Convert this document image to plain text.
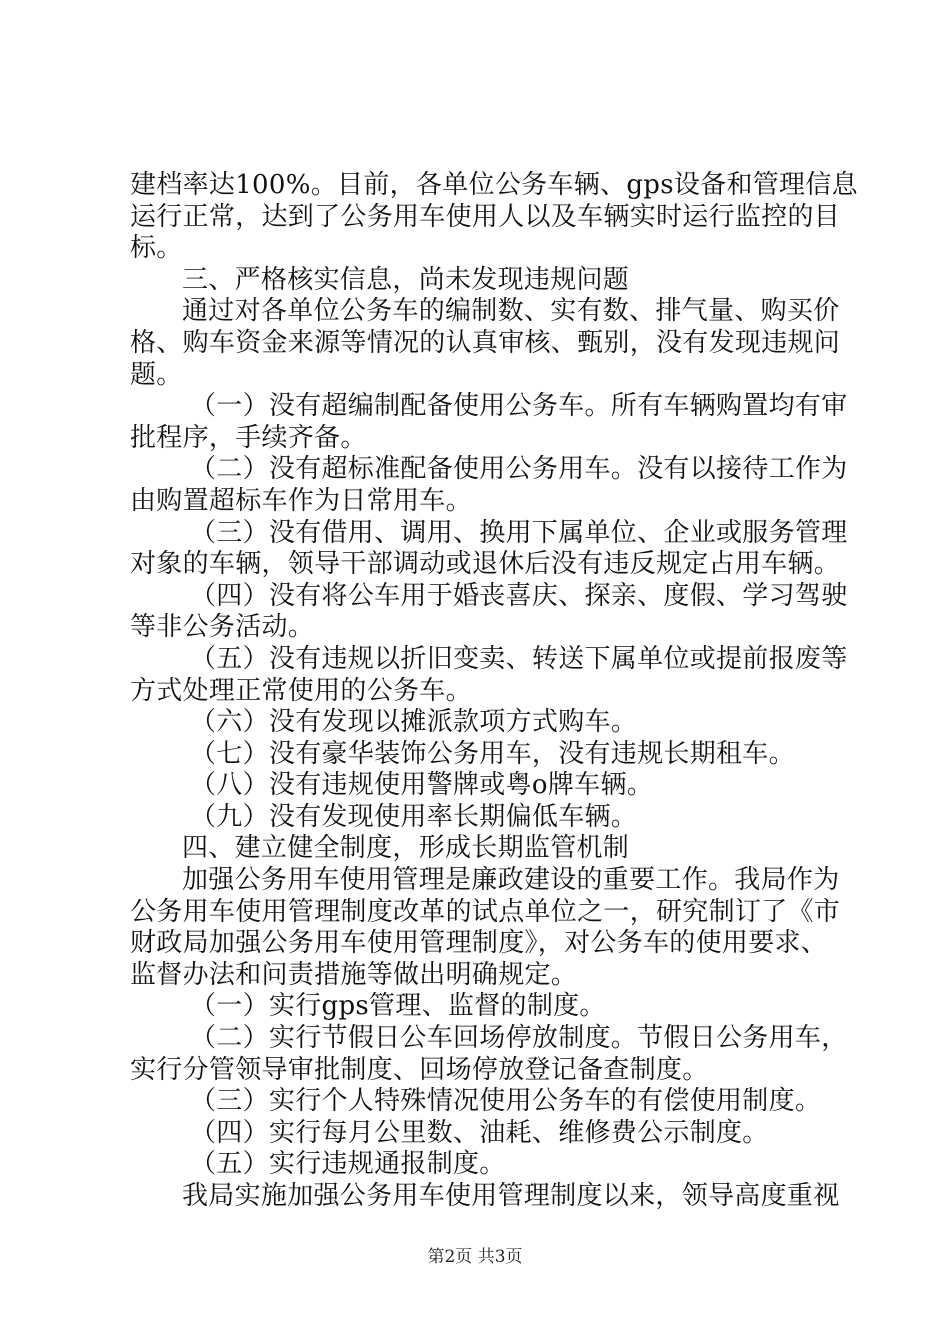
建档率达100%。目前，各单位公务车辆、gps设备和管理信息
运行正常，达到了公务用车使用人以及车辆实时运行监控的目
标。
三、严格核实信息，尚未发现违规问题
通过对各单位公务车的编制数、实有数、排气量、购买价
格、购车资金来源等情况的认真审核、甄别，没有发现违规问
题。
（一）没有超编制配备使用公务车。所有车辆购置均有审
批程序，手续齐备。
（二）没有超标准配备使用公务用车。没有以接待工作为
由购置超标车作为日常用车。
（三）没有借用、调用、换用下属单位、企业或服务管理
对象的车辆，领导干部调动或退休后没有违反规定占用车辆。
（四）没有将公车用于婚丧喜庆、探亲、度假、学习驾驶
等非公务活动。
（五）没有违规以折旧变卖、转送下属单位或提前报废等
方式处理正常使用的公务车。
（六）没有发现以摊派款项方式购车。
（七）没有豪华装饰公务用车，没有违规长期租车。
（八）没有违规使用警牌或粤o牌车辆。
（九）没有发现使用率长期偏低车辆。
四、建立健全制度，形成长期监管机制
加强公务用车使用管理是廉政建设的重要工作。我局作为
公务用车使用管理制度改革的试点单位之一，研究制订了《市
财政局加强公务用车使用管理制度》，对公务车的使用要求、
监督办法和问责措施等做出明确规定。
（一）实行gps管理、监督的制度。
（二）实行节假日公车回场停放制度。节假日公务用车，
实行分管领导审批制度、回场停放登记备查制度。
（三）实行个人特殊情况使用公务车的有偿使用制度。
（四）实行每月公里数、油耗、维修费公示制度。
（五）实行违规通报制度。
我局实施加强公务用车使用管理制度以来，领导高度重视
第2页 共3页
